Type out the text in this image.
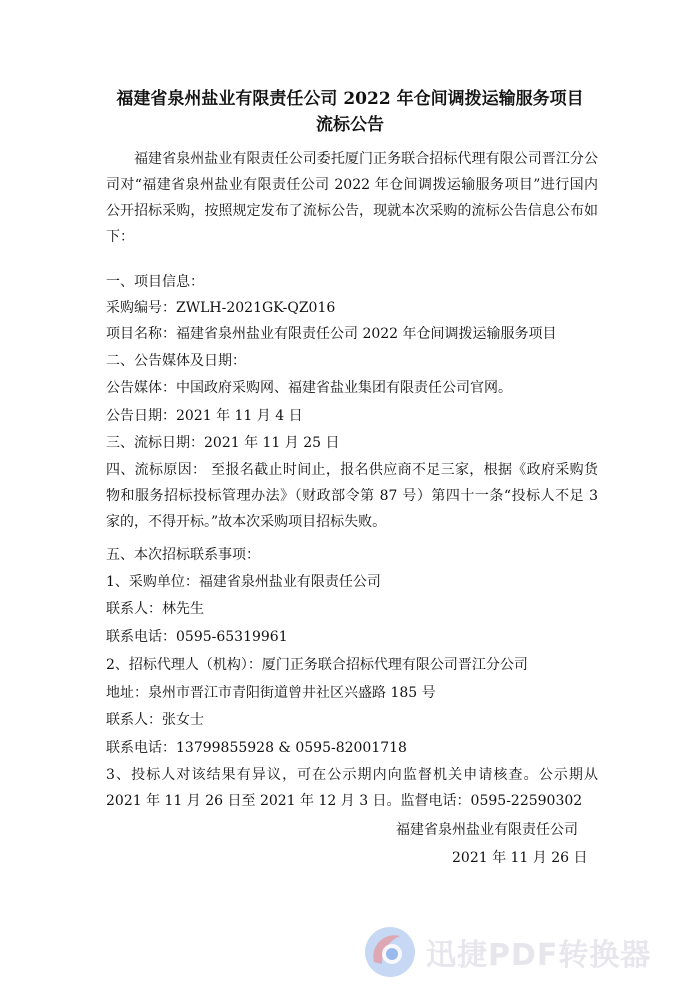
福建省泉州盐业有限责任公司 2022 年仓间调拨运输服务项目
流标公告
福建省泉州盐业有限责任公司委托厦门正务联合招标代理有限公司晋江分公司对“福建省泉州盐业有限责任公司 2022 年仓间调拨运输服务项目”进行国内公开招标采购，按照规定发布了流标公告，现就本次采购的流标公告信息公布如下：
一、项目信息：
采购编号：ZWLH-2021GK-QZ016
项目名称：福建省泉州盐业有限责任公司 2022 年仓间调拨运输服务项目
二、公告媒体及日期：
公告媒体：中国政府采购网、福建省盐业集团有限责任公司官网。
公告日期：2021 年 11 月 4 日
三、流标日期：2021 年 11 月 25 日
四、流标原因： 至报名截止时间止，报名供应商不足三家，根据《政府采购货物和服务招标投标管理办法》（财政部令第 87 号）第四十一条“投标人不足 3 家的，不得开标。”故本次采购项目招标失败。
五、本次招标联系事项：
1、采购单位：福建省泉州盐业有限责任公司
联系人：林先生
联系电话：0595-65319961
2、招标代理人（机构）：厦门正务联合招标代理有限公司晋江分公司
地址：泉州市晋江市青阳街道曾井社区兴盛路 185 号
联系人：张女士
联系电话：13799855928 & 0595-82001718
3、投标人对该结果有异议，可在公示期内向监督机关申请核查。公示期从 2021 年 11 月 26 日至 2021 年 12 月 3 日。监督电话：0595-22590302
福建省泉州盐业有限责任公司
2021 年 11 月 26 日
迅捷PDF转换器
